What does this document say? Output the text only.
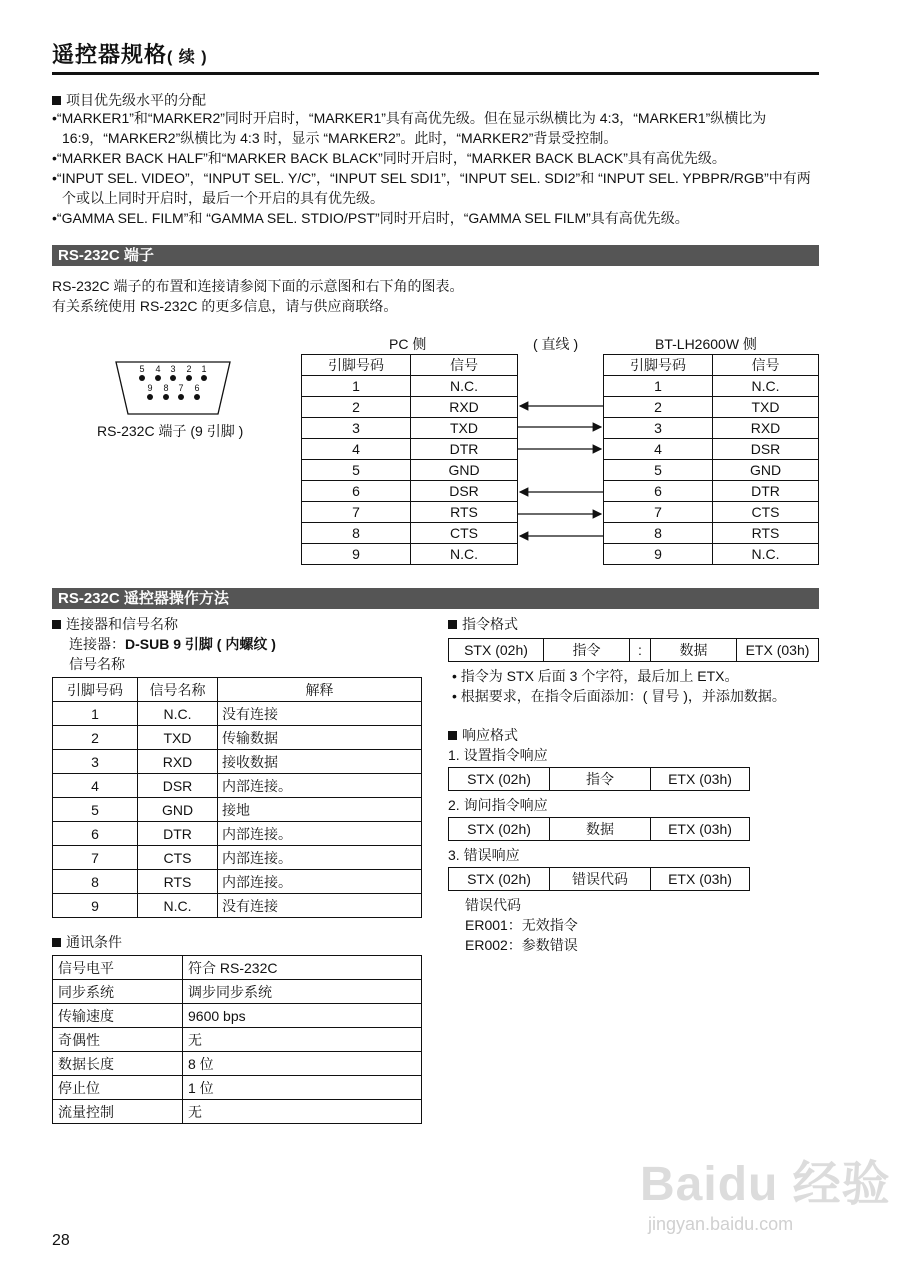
遥控器规格( 续 )
项目优先级水平的分配
•“MARKER1”和“MARKER2”同时开启时，“MARKER1”具有高优先级。但在显示纵横比为 4:3，“MARKER1”纵横比为 16:9，“MARKER2”纵横比为 4:3 时，显示 “MARKER2”。此时，“MARKER2”背景受控制。
•“MARKER BACK HALF”和“MARKER BACK BLACK”同时开启时，“MARKER BACK BLACK”具有高优先级。
•“INPUT SEL. VIDEO”，“INPUT SEL. Y/C”，“INPUT SEL SDI1”，“INPUT SEL. SDI2”和 “INPUT SEL. YPBPR/RGB”中有两个或以上同时开启时，最后一个开启的具有优先级。
•“GAMMA SEL. FILM”和 “GAMMA SEL. STDIO/PST”同时开启时，“GAMMA SEL FILM”具有高优先级。
RS-232C 端子
RS-232C 端子的布置和连接请参阅下面的示意图和右下角的图表。
有关系统使用 RS-232C 的更多信息，请与供应商联络。
5 4 3 2 1
9 8 7 6
RS-232C 端子 (9 引脚 )
PC 侧	( 直线 )	BT-LH2600W 侧
引脚号码	信号
1	N.C.
2	RXD
3	TXD
4	DTR
5	GND
6	DSR
7	RTS
8	CTS
9	N.C.
引脚号码	信号
1	N.C.
2	TXD
3	RXD
4	DSR
5	GND
6	DTR
7	CTS
8	RTS
9	N.C.
RS-232C 遥控器操作方法
连接器和信号名称
连接器：D-SUB 9 引脚 ( 内螺纹 )
信号名称
引脚号码	信号名称	解释
1	N.C.	没有连接
2	TXD	传输数据
3	RXD	接收数据
4	DSR	内部连接。
5	GND	接地
6	DTR	内部连接。
7	CTS	内部连接。
8	RTS	内部连接。
9	N.C.	没有连接
通讯条件
信号电平	符合 RS-232C
同步系统	调步同步系统
传输速度	9600 bps
奇偶性	无
数据长度	8 位
停止位	1 位
流量控制	无
指令格式
STX (02h)	指令	:	数据	ETX (03h)
• 指令为 STX 后面 3 个字符，最后加上 ETX。
• 根据要求，在指令后面添加：( 冒号 )，并添加数据。
响应格式
1. 设置指令响应
STX (02h)	指令	ETX (03h)
2. 询问指令响应
STX (02h)	数据	ETX (03h)
3. 错误响应
STX (02h)	错误代码	ETX (03h)
错误代码
ER001：无效指令
ER002：参数错误
28
Baidu 经验
jingyan.baidu.com
